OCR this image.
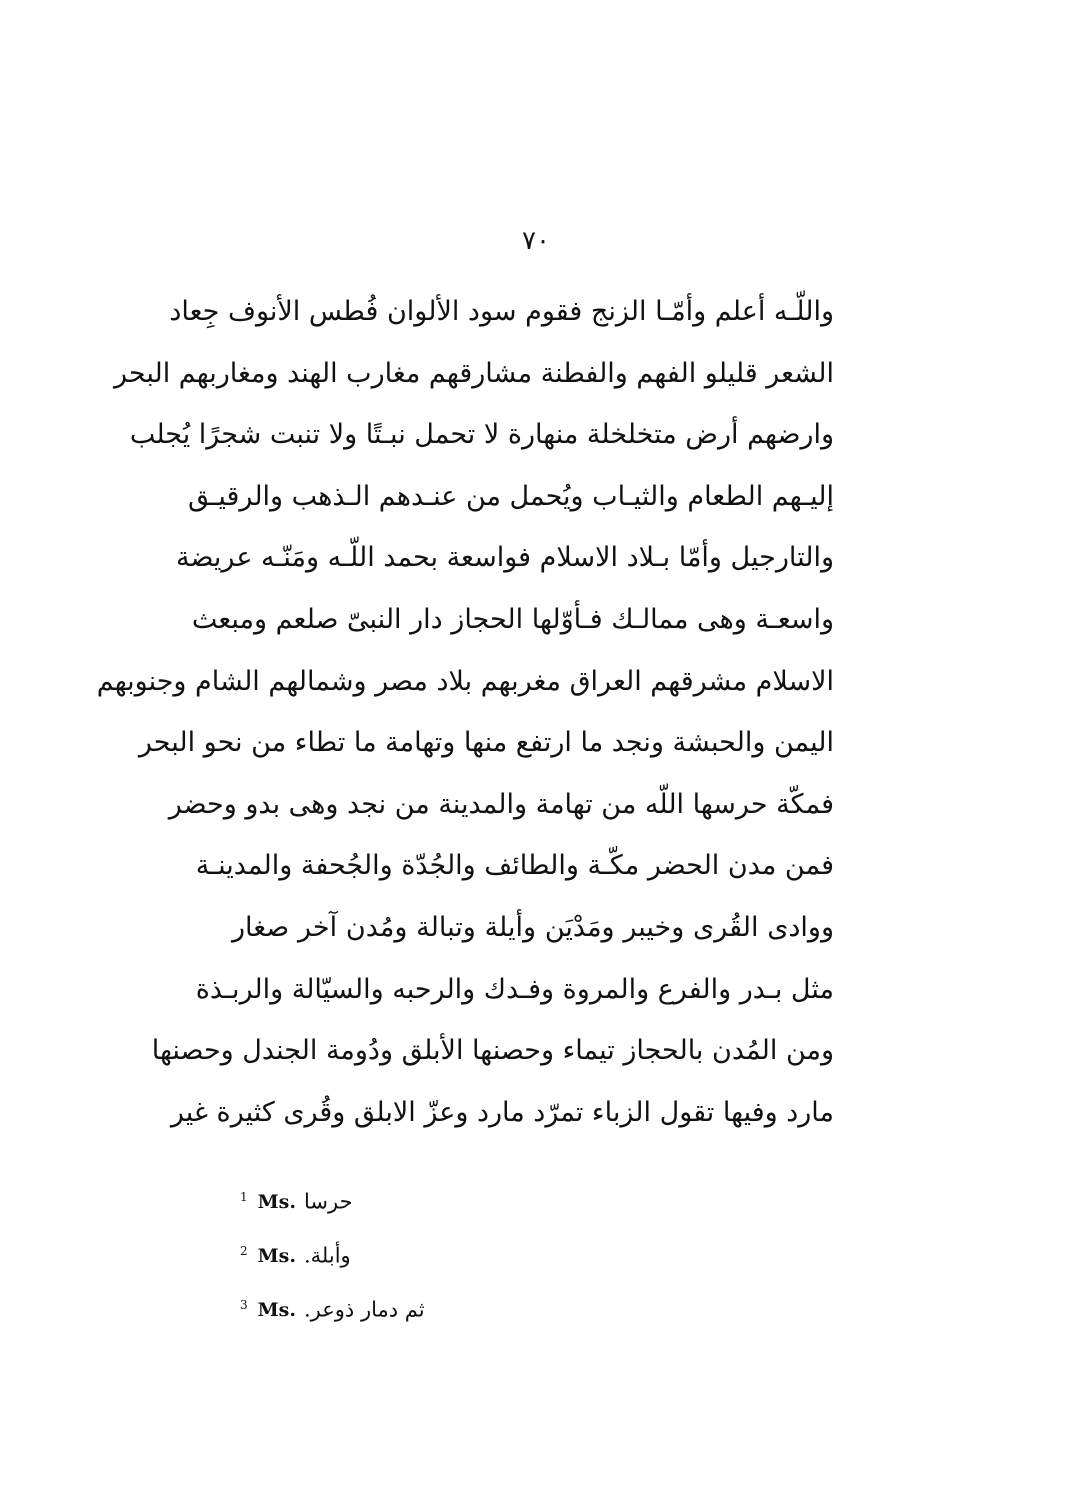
٧٠
واللّـه أعلم وأمّـا الزنج فقوم سود الألوان فُطس الأنوف جِعاد
الشعر قليلو الفهم والفطنة مشارقهم مغارب الهند ومغاربهم البحر
وارضهم أرض متخلخلة منهارة لا تحمل نبـتًا ولا تنبت شجرًا يُجلب
إليـهم الطعام والثيـاب ويُحمل من عنـدهم الـذهب والرقيـق
والتارجيل وأمّا بـلاد الاسلام فواسعة بحمد اللّـه ومَنّـه عريضة
واسعـة وهى ممالـك فـأوّلها الحجاز دار النبىّ صلعم ومبعث
الاسلام مشرقهم العراق مغربهم بلاد مصر وشمالهم الشام وجنوبهم
اليمن والحبشة ونجد ما ارتفع منها وتهامة ما تطاء من نحو البحر
فمكّة حرسها اللّه من تهامة والمدينة من نجد وهى بدو وحضر
فمن مدن الحضر مكّـة والطائف والجُدّة والجُحفة والمدينـة
ووادى القُرى وخيبر ومَدْيَن وأيلة وتبالة ومُدن آخر صغار
مثل بـدر والفرع والمروة وفـدك والرحبه والسيّالة والربـذة
ومن المُدن بالحجاز تيماء وحصنها الأبلق ودُومة الجندل وحصنها
مارد وفيها تقول الزباء تمرّد مارد وعزّ الابلق وقُرى كثيرة غير
$^1$ Ms. حرسا
$^2$ Ms. وأبلة.
$^3$ Ms. ثم دمار ذوعر.
